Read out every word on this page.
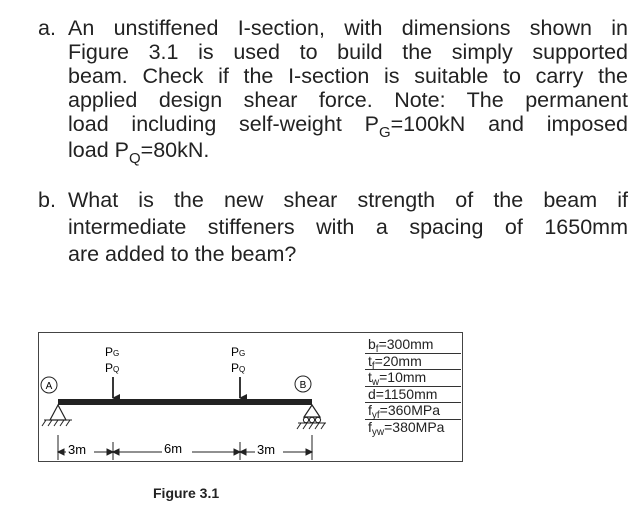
a. An unstiffened I-section, with dimensions shown in
Figure 3.1 is used to build the simply supported
beam. Check if the I-section is suitable to carry the
applied design shear force. Note: The permanent
load including self-weight $P_G=100kN$ and imposed
load $P_Q=80kN$.
b. What is the new shear strength of the beam if
intermediate stiffeners with a spacing of 1650mm
are added to the beam?
A	B
PG
PQ
PG
PQ
3m	6m	3m
$b_f=300mm$
$t_f=20mm$
$t_w=10mm$
d=1150mm
$f_{yf}=360MPa$
$f_{yw}=380MPa$
Figure 3.1
